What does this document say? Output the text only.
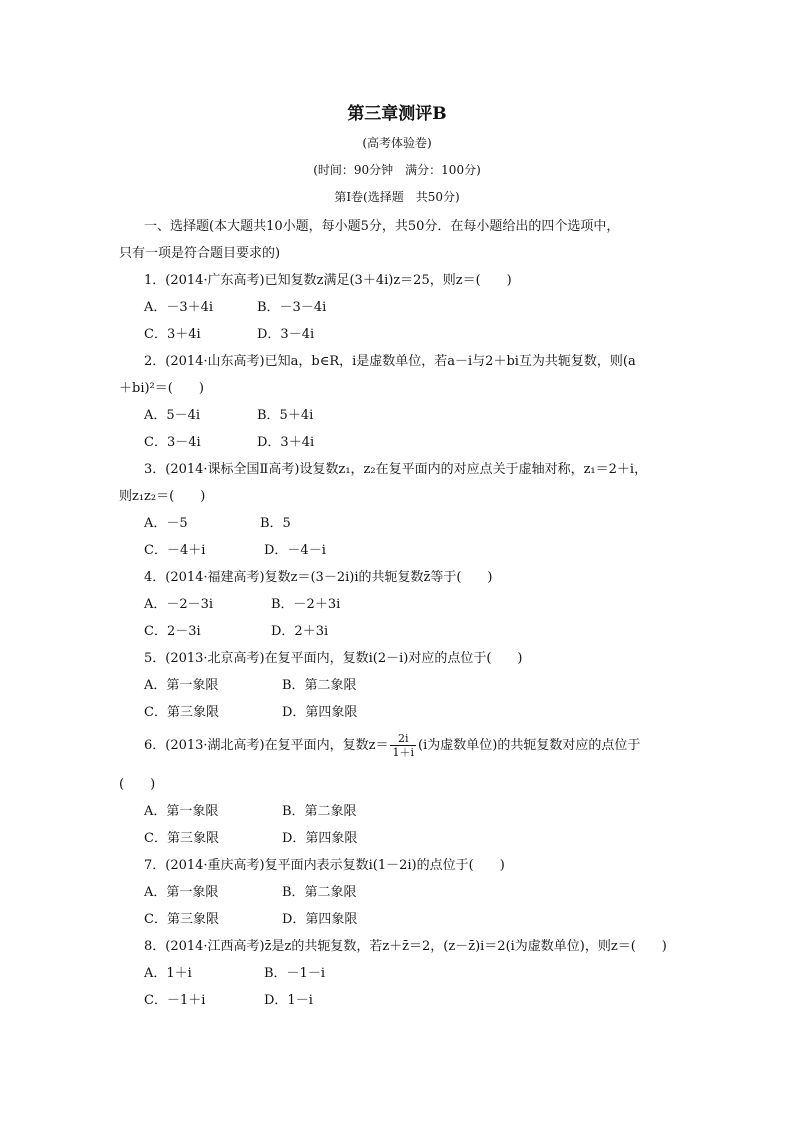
第三章测评B
(高考体验卷)
(时间：90分钟　满分：100分)
第Ⅰ卷(选择题　共50分)
一、选择题(本大题共10小题，每小题5分，共50分．在每小题给出的四个选项中，
只有一项是符合题目要求的)
1．(2014·广东高考)已知复数z满足(3＋4i)z＝25，则z＝(　　)
A．－3＋4i	B．－3－4i
C．3＋4i	D．3－4i
2．(2014·山东高考)已知a，b∈R，i是虚数单位，若a－i与2＋bi互为共轭复数，则(a
＋bi)²＝(　　)
A．5－4i	B．5＋4i
C．3－4i	D．3＋4i
3．(2014·课标全国Ⅱ高考)设复数z₁，z₂在复平面内的对应点关于虚轴对称，z₁＝2＋i，
则z₁z₂＝(　　)
A．－5	B．5
C．－4＋i	D．－4－i
4．(2014·福建高考)复数z＝(3－2i)i的共轭复数z̄等于(　　)
A．－2－3i	B．－2＋3i
C．2－3i	D．2＋3i
5．(2013·北京高考)在复平面内，复数i(2－i)对应的点位于(　　)
A．第一象限	B．第二象限
C．第三象限	D．第四象限
6．(2013·湖北高考)在复平面内，复数$z= \frac{2i}{1+i} (i$为虚数单位)的共轭复数对应的点位于
(　　)
A．第一象限	B．第二象限
C．第三象限	D．第四象限
7．(2014·重庆高考)复平面内表示复数i(1－2i)的点位于(　　)
A．第一象限	B．第二象限
C．第三象限	D．第四象限
8．(2014·江西高考)z̄是z的共轭复数，若z＋z̄＝2，(z－z̄)i＝2(i为虚数单位)，则z＝(　　)
A．1＋i	B．－1－i
C．－1＋i	D．1－i
